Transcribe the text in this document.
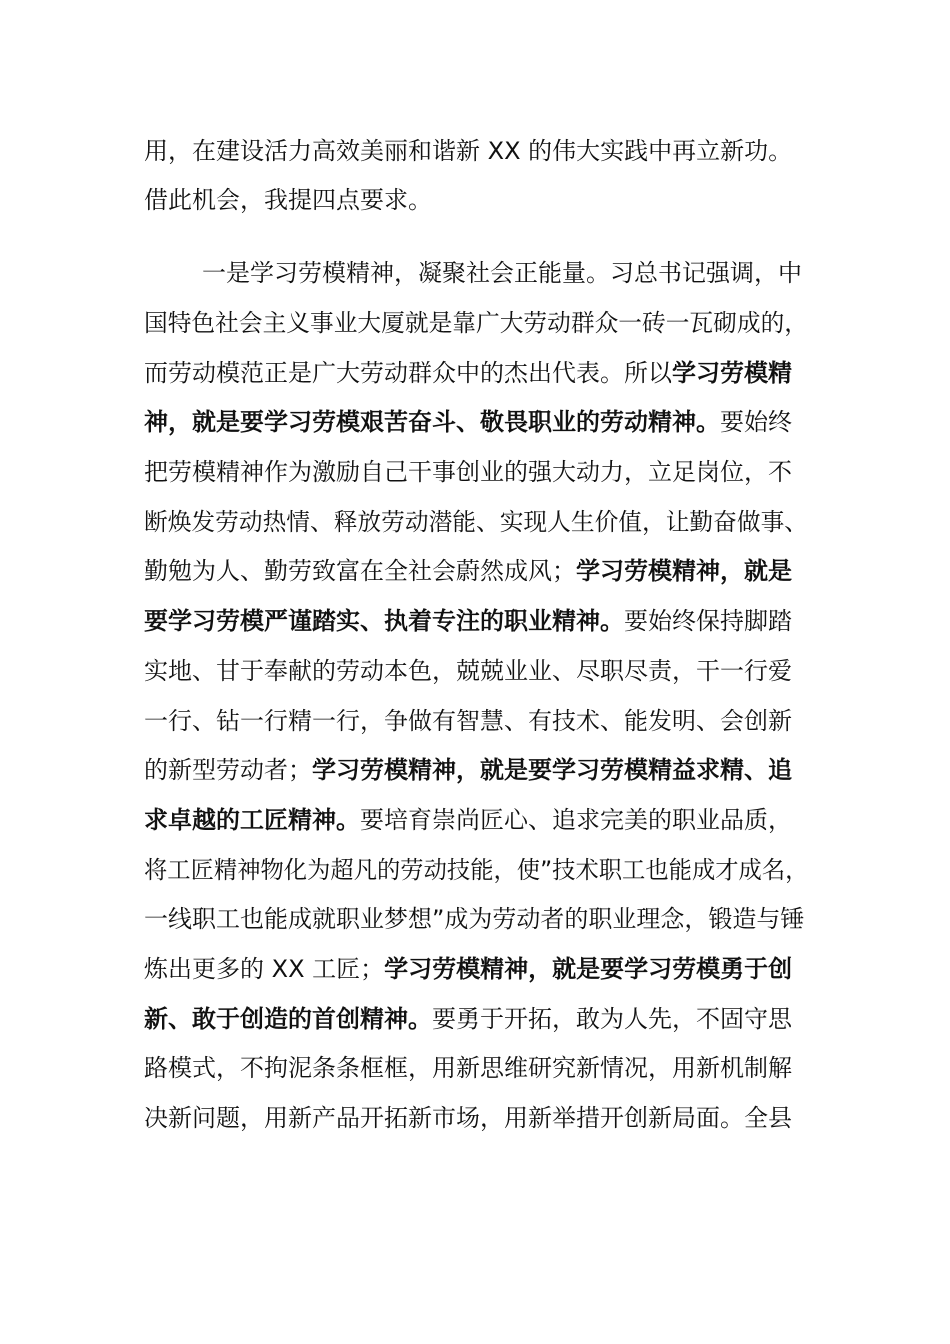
用，在建设活力高效美丽和谐新 XX 的伟大实践中再立新功。
借此机会，我提四点要求。
一是学习劳模精神，凝聚社会正能量。习总书记强调，中
国特色社会主义事业大厦就是靠广大劳动群众一砖一瓦砌成的，
而劳动模范正是广大劳动群众中的杰出代表。所以学习劳模精
神，就是要学习劳模艰苦奋斗、敬畏职业的劳动精神。要始终
把劳模精神作为激励自己干事创业的强大动力，立足岗位，不
断焕发劳动热情、释放劳动潜能、实现人生价值，让勤奋做事、
勤勉为人、勤劳致富在全社会蔚然成风；学习劳模精神，就是
要学习劳模严谨踏实、执着专注的职业精神。要始终保持脚踏
实地、甘于奉献的劳动本色，兢兢业业、尽职尽责，干一行爱
一行、钻一行精一行，争做有智慧、有技术、能发明、会创新
的新型劳动者；学习劳模精神，就是要学习劳模精益求精、追
求卓越的工匠精神。要培育崇尚匠心、追求完美的职业品质，
将工匠精神物化为超凡的劳动技能，使”技术职工也能成才成名，
一线职工也能成就职业梦想”成为劳动者的职业理念，锻造与锤
炼出更多的 XX 工匠；学习劳模精神，就是要学习劳模勇于创
新、敢于创造的首创精神。要勇于开拓，敢为人先，不固守思
路模式，不拘泥条条框框，用新思维研究新情况，用新机制解
决新问题，用新产品开拓新市场，用新举措开创新局面。全县
